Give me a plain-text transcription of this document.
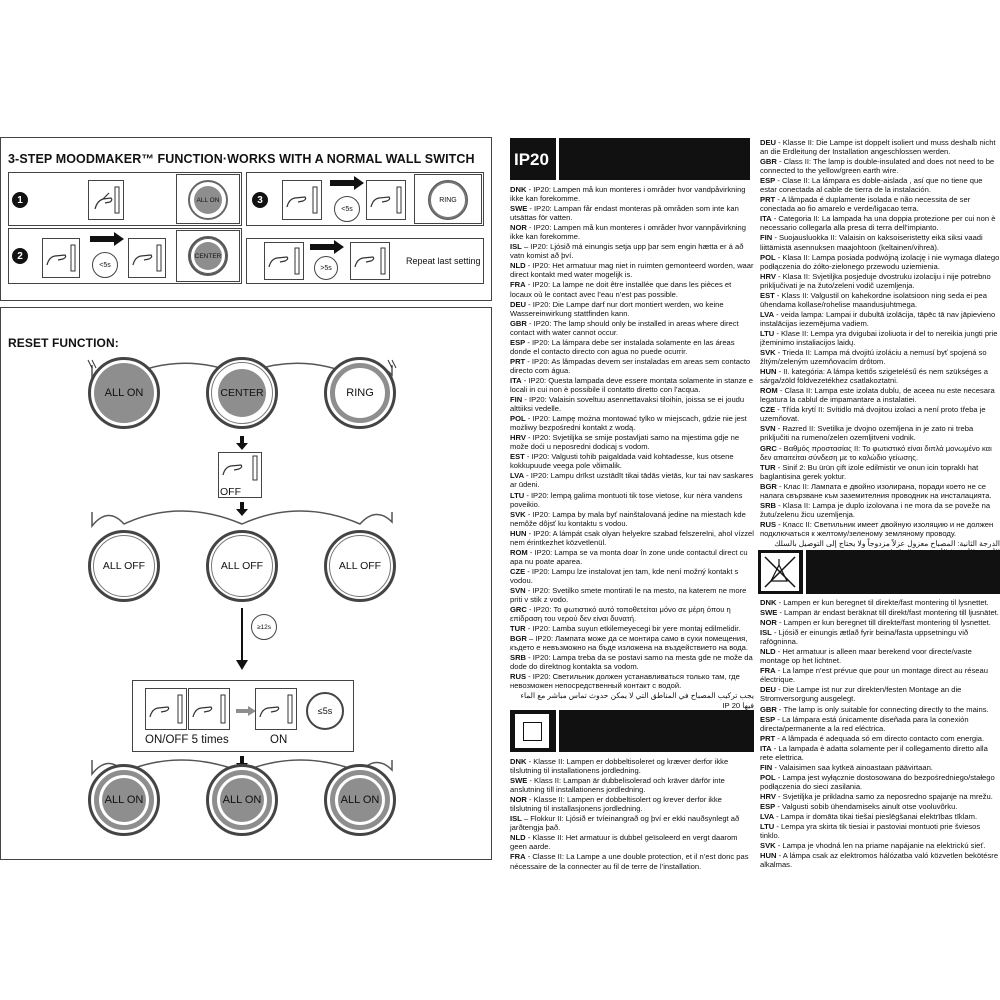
3-STEP MOODMAKER™ FUNCTION·WORKS WITH A NORMAL WALL SWITCH
1	ALL ON
2
<5s
CENTER
3
<5s
RING
>5s
Repeat last setting
RESET FUNCTION:
ALL ON	CENTER	RING
OFF
ALL OFF	ALL OFF	ALL OFF
≥12s
≤5s
ON/OFF 5 times	ON
ALL ON	ALL ON	ALL ON
IP20

DNK - IP20: Lampen må kun monteres i områder hvor vandpåvirkning ikke kan forekomme.

SWE - IP20: Lampan får endast monteras på områden som inte kan utsättas för vatten.

NOR - IP20: Lampen må kun monteres i områder hvor vannpåvirkning ikke kan forekomme.

ISL – IP20: Ljósið má einungis setja upp þar sem engin hætta er á að vatn komist að því.

NLD - IP20: Het armatuur mag niet in ruimten gemonteerd worden, waar direct kontakt med water mogelijk is.

FRA - IP20: La lampe ne doit être installée que dans les pièces et locaux où le contact avec l’eau n’est pas possible.

DEU - IP20: Die Lampe darf nur dort montiert werden, wo keine Wassereinwirkung stattfinden kann.

GBR - IP20: The lamp should only be installed in areas where direct contact with water cannot occur.

ESP - IP20: La lámpara debe ser instalada solamente en las áreas donde el contacto directo con agua no puede ocurrir.

PRT - IP20: As lâmpadas devem ser instaladas em areas sem contacto directo com água.

ITA - IP20: Questa lampada deve essere montata solamente in stanze e locali in cui non è possibile il contatto diretto con l’acqua.

FIN - IP20: Valaisin soveltuu asennettavaksi tiloihin, joissa se ei joudu alttiiksi vedelle.

POL - IP20: Lampę można montować tylko w miejscach, gdzie nie jest możliwy bezpośredni kontakt z wodą.

HRV - IP20: Svjetiljka se smije postavljati samo na mjestima gdje ne može doći u neposredni dodicaj s vodom.

EST - IP20: Valgusti tohib paigaldada vaid kohtadesse, kus otsene kokkupuude veega pole võimalik.

LVA - IP20: Lampu drīkst uzstādīt tikai tādās vietās, kur tai nav saskares ar ūdeni.

LTU - IP20: lempą galima montuoti tik tose vietose, kur nėra vandens poveikio.

SVK - IP20: Lampa by mala byť nainštalovaná jedine na miestach kde nemôže dôjsť ku kontaktu s vodou.

HUN - IP20: A lámpát csak olyan helyekre szabad felszerelni, ahol vízzel nem érintkezhet közvetlenül.

ROM - IP20: Lampa se va monta doar în zone unde contactul direct cu apa nu poate aparea.

CZE - IP20: Lampu lze instalovat jen tam, kde není možný kontakt s vodou.

SVN - IP20: Svetilko smete montirati le na mesto, na katerem ne more priti v stik z vodo.

GRC - IP20: Το φωτιστικό αυτό τοποθετείται μόνο σε μέρη όπου η επίδραση του νερού δεν είναι δυνατή.

TUR - IP20: Lamba suyun etkilemeyecegi bir yere montaj edilmelidir.

BGR – IP20: Лампата може да се монтира само в сухи помещения, където е невъзможно на бъде изложена на въздействието на вода.

SRB - IP20: Lampa treba da se postavi samo na mesta gde ne može da dode do direktnog kontakta sa vodom.

RUS - IP20: Светильник должен устанавливаться только там, где невозможен непосредственный контакт с водой.

يجب تركيب المصباح في المناطق التي لا يمكن حدوث تماس مباشر مع الماء فيها 20 IP

DNK - Klasse II: Lampen er dobbeltisoleret og kræver derfor ikke tilslutning til installationens jordledning.

SWE - Klass II: Lampan är dubbelisolerad och kräver därför inte anslutning till installationens jordledning.

NOR - Klasse II: Lampen er dobbeltisolert og krever derfor ikke tilslutning til installasjonens jordledning.

ISL – Flokkur II: Ljósið er tvíeinangrað og því er ekki nauðsynlegt að jarðtengja það.

NLD - Klasse II: Het armatuur is dubbel geïsoleerd en vergt daarom geen aarde.

FRA - Classe II: La Lampe a une double protection, et il n’est donc pas nécessaire de la connecter au fil de terre de l’installation.

DEU - Klasse II: Die Lampe ist doppelt isoliert und muss deshalb nicht an die Erdleitung der Installation angeschlossen werden.

GBR - Class II: The lamp is double-insulated and does not need to be connected to the yellow/green earth wire.

ESP - Clase II: La lámpara es doble-aislada , así que no tiene que estar conectada al cable de tierra de la instalación.

PRT - A lâmpada é duplamente isolada e não necessita de ser conectada ao fio amarelo e verde/ligacao terra.

ITA - Categoria II: La lampada ha una doppia protezione per cui non è necessario collegarla alla presa di terra dell’impianto.

FIN - Suojausluokka II: Valaisin on kaksoiseristetty eikä siksi vaadi liittämistä asennuksen maajohtoon (keltainen/vihreä).

POL - Klasa II: Lampa posiada podwójną izolację i nie wymaga dlatego podłączenia do żółto-zielonego przewodu uziemienia.

HRV - Klasa II: Svjetiljka posjeduje dvostruku izolaciju i nije potrebno priključivati je na žuto/zeleni vodič uzemljenja.

EST - Klass II: Valgustil on kahekordne isolatsioon ning seda ei pea ühendama kollase/rohelise maandusjuhtmega.

LVA - veida lampa: Lampai ir dubultā izolācija, tāpēc tā nav jāpievieno instalācijas iezemējuma vadiem.

LTU - Klase II: Lempa yra dvigubai izoliuota ir del to nereikia jungti prie įžeminimo instaliacijos laidų.

SVK - Trieda II: Lampa má dvojitú izoláciu a nemusí byť spojená so žltým/zeleným uzemňovacím drôtom.

HUN - II. kategória: A lámpa kettős szigetelésű és nem szükséges a sárga/zöld földvezetékhez csatlakoztatni.

ROM - Clasa II: Lampa este izolata dublu, de aceea nu este necesara legatura la cablul de impamantare a instalatiei.

CZE - Třída krytí II: Svítidlo má dvojitou izolaci a není proto třeba je uzemňovat.

SVN - Razred II: Svetilka je dvojno ozemljena in je zato ni treba priključiti na rumeno/zelen ozemljitveni vodnik.

GRC - Βαθμός προστασίας II: Το φωτιστικό είναι διπλά μονωμένο και δεν απαιτείται σύνδεση με το καλώδιο γείωσης.

TUR - Sinif 2: Bu ürün çift izole edilmistir ve onun icin topraklı hat baglantisina gerek yoktur.

BGR - Клас II: Лампата е двойно изолирана, поради което не се налага свързване към заземителния проводник на инсталацията.

SRB - Klasa II: Lampa je duplo izolovana i ne mora da se poveže na žutu/zelenu žicu uzemljenja.

RUS - Класс II: Светильник имеет двойную изоляцию и не должен подключаться к желтому/зеленому земляному проводу.

الدرجة الثانية: المصباح معزول عزلاً مزدوجاً ولا يحتاج إلى التوصيل بالسلك

DNK - Lampen er kun beregnet til direkte/fast montering til lysnettet.

SWE - Lampan är endast beräknat till direkt/fast montering till ljusnätet.

NOR - Lampen er kun beregnet till direkte/fast montering til lysnettet.

ISL - Ljósið er einungis ætlað fyrir beina/fasta uppsetningu við rafögninna.

NLD - Het armatuur is alleen maar berekend voor directe/vaste montage op het lichtnet.

FRA - La lampe n’est prévue que pour un montage direct au réseau électrique.

DEU - Die Lampe ist nur zur direkten/festen Montage an die Stromversorgung ausgelegt.

GBR - The lamp is only suitable for connecting directly to the mains.

ESP - La lámpara está únicamente diseñada para la conexión directa/permanente a la red eléctrica.

PRT - A lâmpada é adequada só em directo contacto com energia.

ITA - La lampada è adatta solamente per il collegamento diretto alla rete elettrica.

FIN - Valaisimen saa kytkeä ainoastaan päävirtaan.

POL - Lampa jest wyłącznie dostosowana do bezpośredniego/stałego podłączenia do sieci zasilania.

HRV - Svjetiljka je prikladna samo za neposredno spajanje na mrežu.

ESP - Valgusti sobib ühendamiseks ainult otse vooluvõrku.

LVA - Lampa ir domāta tikai tiešai pieslēgšanai elektrības tīklam.

LTU - Lempa yra skirta tik tiesiai ir pastoviai montuoti prie šviesos tinklo.

SVK - Lampa je vhodná len na priame napájanie na elektrickú sieť.

HUN - A lámpa csak az elektromos hálózatba való közvetlen bekötésre alkalmas.
